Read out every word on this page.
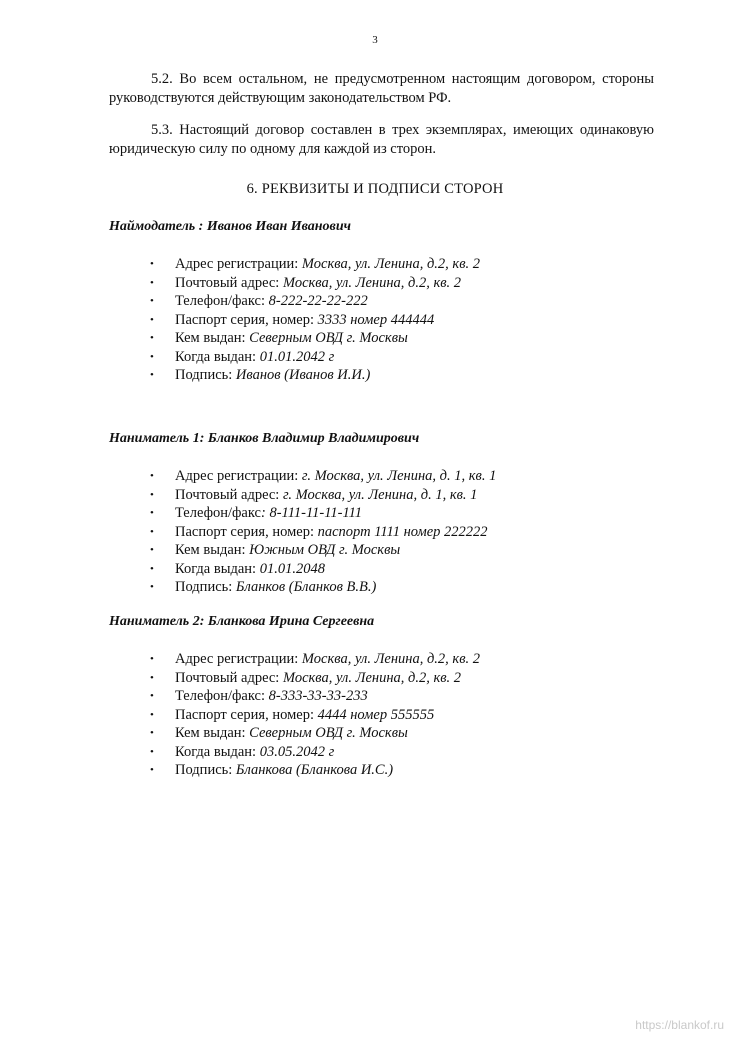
3

5.2. Во всем остальном, не предусмотренном настоящим договором, стороны руководствуются действующим законодательством РФ.

5.3. Настоящий договор составлен в трех экземплярах, имеющих одинаковую юридическую силу по одному для каждой из сторон.

6. РЕКВИЗИТЫ И ПОДПИСИ СТОРОН
Наймодатель : Иванов Иван Иванович
• Адрес регистрации: Москва, ул. Ленина, д.2, кв. 2
• Почтовый адрес: Москва, ул. Ленина, д.2, кв. 2
• Телефон/факс: 8-222-22-22-222
• Паспорт серия, номер: 3333 номер 444444
• Кем выдан: Северным ОВД г. Москвы
• Когда выдан: 01.01.2042 г
• Подпись: Иванов (Иванов И.И.)
Наниматель 1: Бланков Владимир Владимирович
• Адрес регистрации: г. Москва, ул. Ленина, д. 1, кв. 1
• Почтовый адрес: г. Москва, ул. Ленина, д. 1, кв. 1
• Телефон/факс: 8-111-11-11-111
• Паспорт серия, номер: паспорт 1111 номер 222222
• Кем выдан: Южным ОВД г. Москвы
• Когда выдан: 01.01.2048
• Подпись: Бланков (Бланков В.В.)
Наниматель 2: Бланкова Ирина Сергеевна
• Адрес регистрации: Москва, ул. Ленина, д.2, кв. 2
• Почтовый адрес: Москва, ул. Ленина, д.2, кв. 2
• Телефон/факс: 8-333-33-33-233
• Паспорт серия, номер: 4444 номер 555555
• Кем выдан: Северным ОВД г. Москвы
• Когда выдан: 03.05.2042 г
• Подпись: Бланкова (Бланкова И.С.)
https://blankof.ru
